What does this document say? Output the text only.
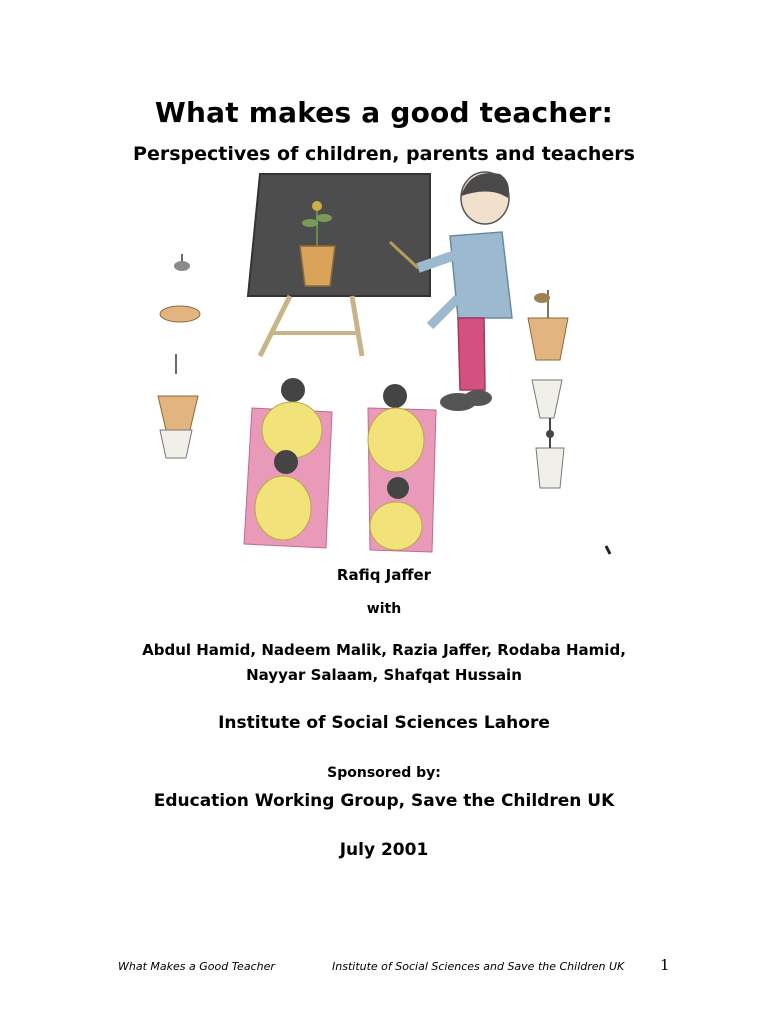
What makes a good teacher:
Perspectives of children, parents and teachers
Rafiq Jaffer
with
Abdul Hamid, Nadeem Malik, Razia Jaffer, Rodaba Hamid,
Nayyar Salaam, Shafqat Hussain
Institute of Social Sciences Lahore
Sponsored by:
Education Working Group, Save the Children UK
July 2001
What Makes a Good Teacher	Institute of Social Sciences and Save the Children UK 1
